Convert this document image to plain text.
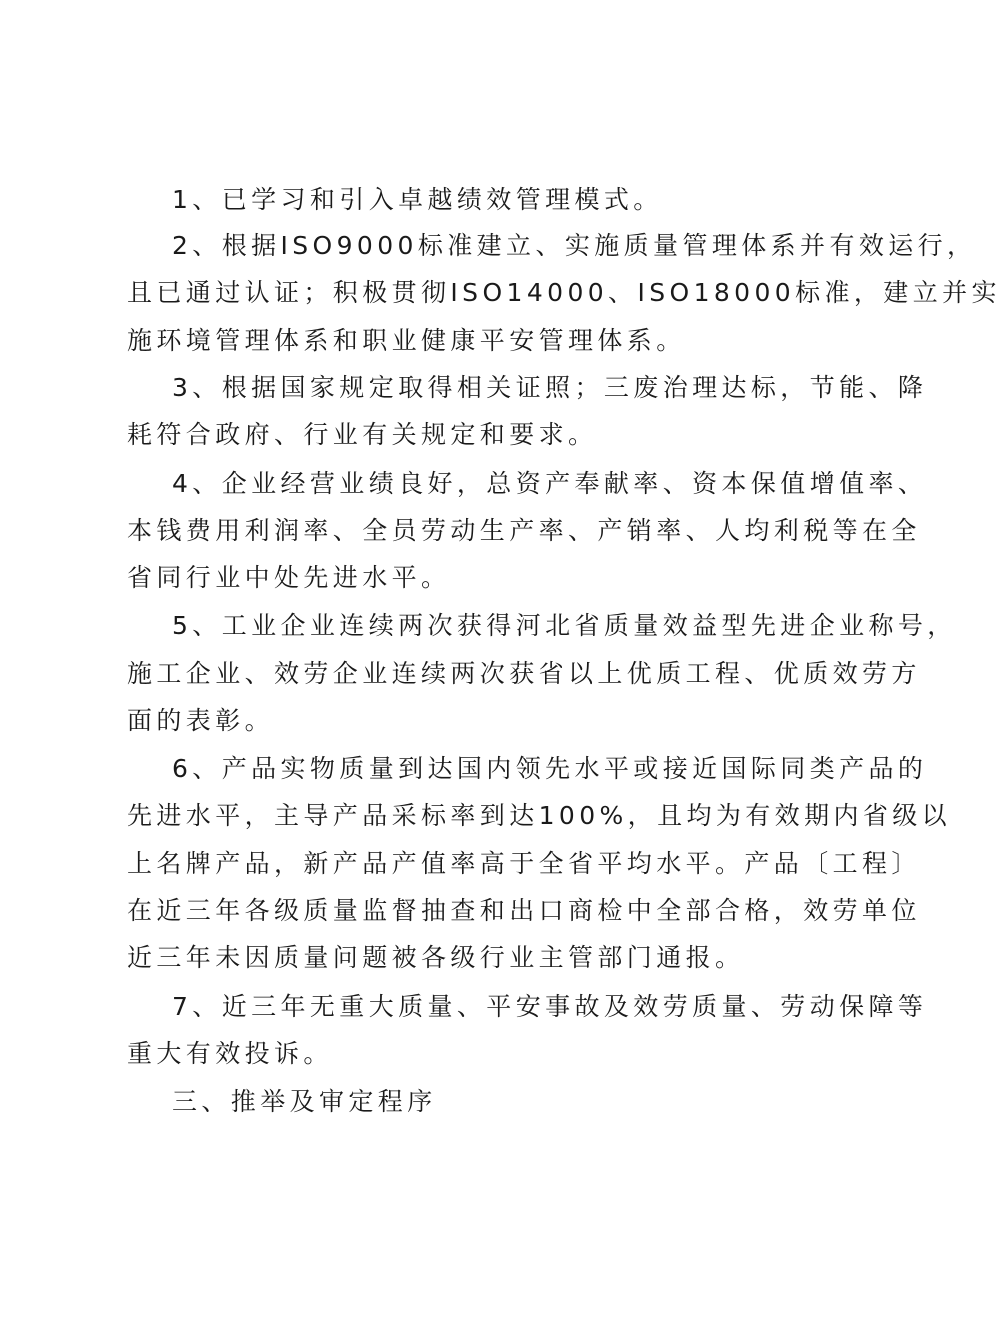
1、已学习和引入卓越绩效管理模式。
2、根据ISO9000标准建立、实施质量管理体系并有效运行，
且已通过认证；积极贯彻ISO14000、ISO18000标准，建立并实
施环境管理体系和职业健康平安管理体系。
3、根据国家规定取得相关证照；三废治理达标，节能、降
耗符合政府、行业有关规定和要求。
4、企业经营业绩良好，总资产奉献率、资本保值增值率、
本钱费用利润率、全员劳动生产率、产销率、人均利税等在全
省同行业中处先进水平。
5、工业企业连续两次获得河北省质量效益型先进企业称号，
施工企业、效劳企业连续两次获省以上优质工程、优质效劳方
面的表彰。
6、产品实物质量到达国内领先水平或接近国际同类产品的
先进水平，主导产品采标率到达100%，且均为有效期内省级以
上名牌产品，新产品产值率高于全省平均水平。产品〔工程〕
在近三年各级质量监督抽查和出口商检中全部合格，效劳单位
近三年未因质量问题被各级行业主管部门通报。
7、近三年无重大质量、平安事故及效劳质量、劳动保障等
重大有效投诉。
三、推举及审定程序
